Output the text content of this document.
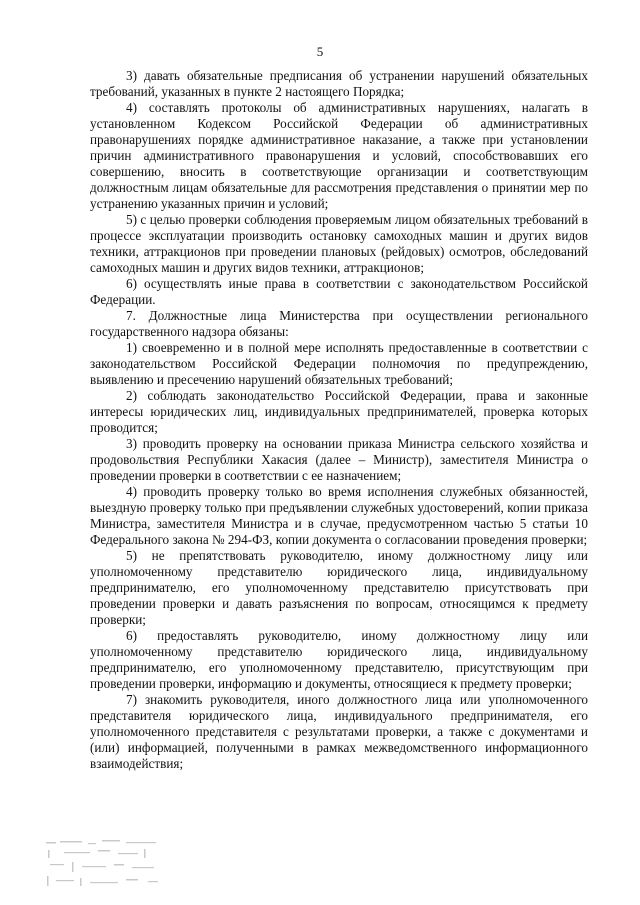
5

3) давать обязательные предписания об устранении нарушений обязательных требований, указанных в пункте 2 настоящего Порядка;

4) составлять протоколы об административных нарушениях, налагать в установленном Кодексом Российской Федерации об административных правонарушениях порядке административное наказание, а также при установлении причин административного правонарушения и условий, способствовавших его совершению, вносить в соответствующие организации и соответствующим должностным лицам обязательные для рассмотрения представления о принятии мер по устранению указанных причин и условий;

5) с целью проверки соблюдения проверяемым лицом обязательных требований в процессе эксплуатации производить остановку самоходных машин и других видов техники, аттракционов при проведении плановых (рейдовых) осмотров, обследований самоходных машин и других видов техники, аттракционов;

6) осуществлять иные права в соответствии с законодательством Российской Федерации.

7. Должностные лица Министерства при осуществлении регионального государственного надзора обязаны:

1) своевременно и в полной мере исполнять предоставленные в соответствии с законодательством Российской Федерации полномочия по предупреждению, выявлению и пресечению нарушений обязательных требований;

2) соблюдать законодательство Российской Федерации, права и законные интересы юридических лиц, индивидуальных предпринимателей, проверка которых проводится;

3) проводить проверку на основании приказа Министра сельского хозяйства и продовольствия Республики Хакасия (далее – Министр), заместителя Министра о проведении проверки в соответствии с ее назначением;

4) проводить проверку только во время исполнения служебных обязанностей, выездную проверку только при предъявлении служебных удостоверений, копии приказа Министра, заместителя Министра и в случае, предусмотренном частью 5 статьи 10 Федерального закона № 294-ФЗ, копии документа о согласовании проведения проверки;

5) не препятствовать руководителю, иному должностному лицу или уполномоченному представителю юридического лица, индивидуальному предпринимателю, его уполномоченному представителю присутствовать при проведении проверки и давать разъяснения по вопросам, относящимся к предмету проверки;

6) предоставлять руководителю, иному должностному лицу или уполномоченному представителю юридического лица, индивидуальному предпринимателю, его уполномоченному представителю, присутствующим при проведении проверки, информацию и документы, относящиеся к предмету проверки;

7) знакомить руководителя, иного должностного лица или уполномоченного представителя юридического лица, индивидуального предпринимателя, его уполномоченного представителя с результатами проверки, а также с документами и (или) информацией, полученными в рамках межведомственного информационного взаимодействия;
